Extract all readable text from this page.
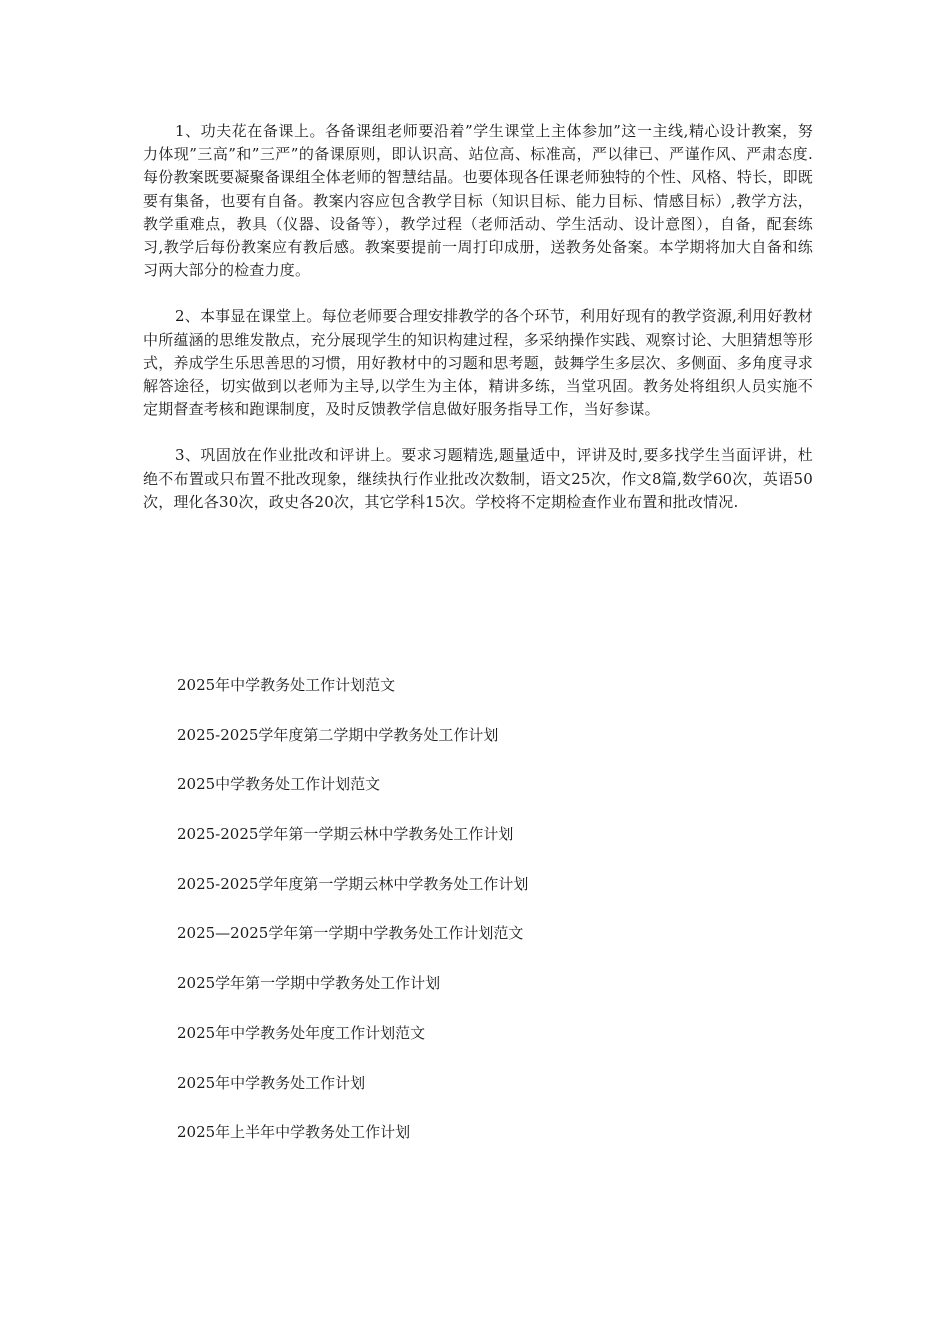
1、功夫花在备课上。各备课组老师要沿着”学生课堂上主体参加”这一主线,精心设计教案，努力体现”三高”和”三严”的备课原则，即认识高、站位高、标准高，严以律已、严谨作风、严肃态度.每份教案既要凝聚备课组全体老师的智慧结晶。也要体现各任课老师独特的个性、风格、特长，即既要有集备，也要有自备。教案内容应包含教学目标（知识目标、能力目标、情感目标）,教学方法，教学重难点，教具（仪器、设备等），教学过程（老师活动、学生活动、设计意图），自备，配套练习,教学后每份教案应有教后感。教案要提前一周打印成册，送教务处备案。本学期将加大自备和练习两大部分的检查力度。

2、本事显在课堂上。每位老师要合理安排教学的各个环节，利用好现有的教学资源,利用好教材中所蕴涵的思维发散点，充分展现学生的知识构建过程，多采纳操作实践、观察讨论、大胆猜想等形式，养成学生乐思善思的习惯，用好教材中的习题和思考题，鼓舞学生多层次、多侧面、多角度寻求解答途径，切实做到以老师为主导,以学生为主体，精讲多练，当堂巩固。教务处将组织人员实施不定期督查考核和跑课制度，及时反馈教学信息做好服务指导工作，当好参谋。

3、巩固放在作业批改和评讲上。要求习题精选,题量适中，评讲及时,要多找学生当面评讲，杜绝不布置或只布置不批改现象，继续执行作业批改次数制，语文25次，作文8篇,数学60次，英语50次，理化各30次，政史各20次，其它学科15次。学校将不定期检查作业布置和批改情况.

2025年中学教务处工作计划范文
2025-2025学年度第二学期中学教务处工作计划
2025中学教务处工作计划范文
2025-2025学年第一学期云林中学教务处工作计划
2025-2025学年度第一学期云林中学教务处工作计划
2025—2025学年第一学期中学教务处工作计划范文
2025学年第一学期中学教务处工作计划
2025年中学教务处年度工作计划范文
2025年中学教务处工作计划
2025年上半年中学教务处工作计划
